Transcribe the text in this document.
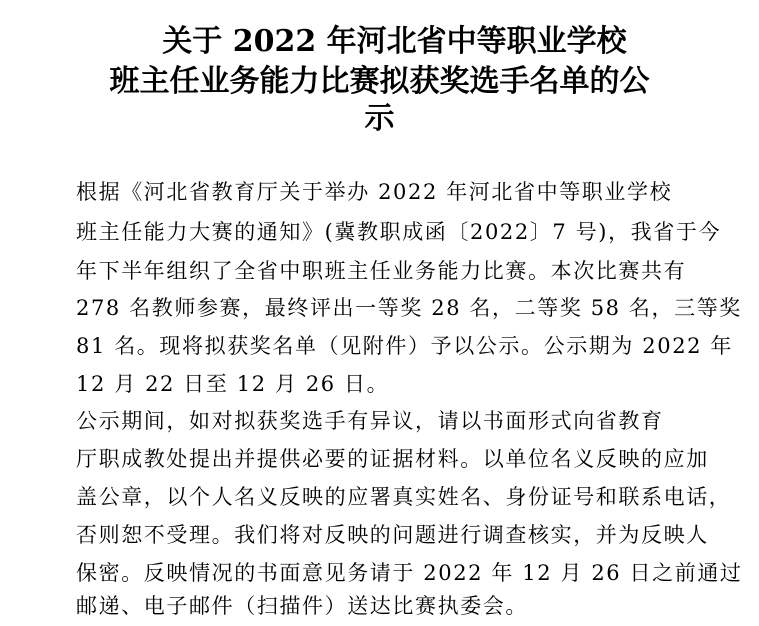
关于 2022 年河北省中等职业学校
班主任业务能力比赛拟获奖选手名单的公
示
根据《河北省教育厅关于举办 2022 年河北省中等职业学校
班主任能力大赛的通知》(冀教职成函〔2022〕7 号)，我省于今
年下半年组织了全省中职班主任业务能力比赛。本次比赛共有
278 名教师参赛，最终评出一等奖 28 名，二等奖 58 名，三等奖
81 名。现将拟获奖名单（见附件）予以公示。公示期为 2022 年
12 月 22 日至 12 月 26 日。
公示期间，如对拟获奖选手有异议，请以书面形式向省教育
厅职成教处提出并提供必要的证据材料。以单位名义反映的应加
盖公章，以个人名义反映的应署真实姓名、身份证号和联系电话，
否则恕不受理。我们将对反映的问题进行调查核实，并为反映人
保密。反映情况的书面意见务请于 2022 年 12 月 26 日之前通过
邮递、电子邮件（扫描件）送达比赛执委会。
